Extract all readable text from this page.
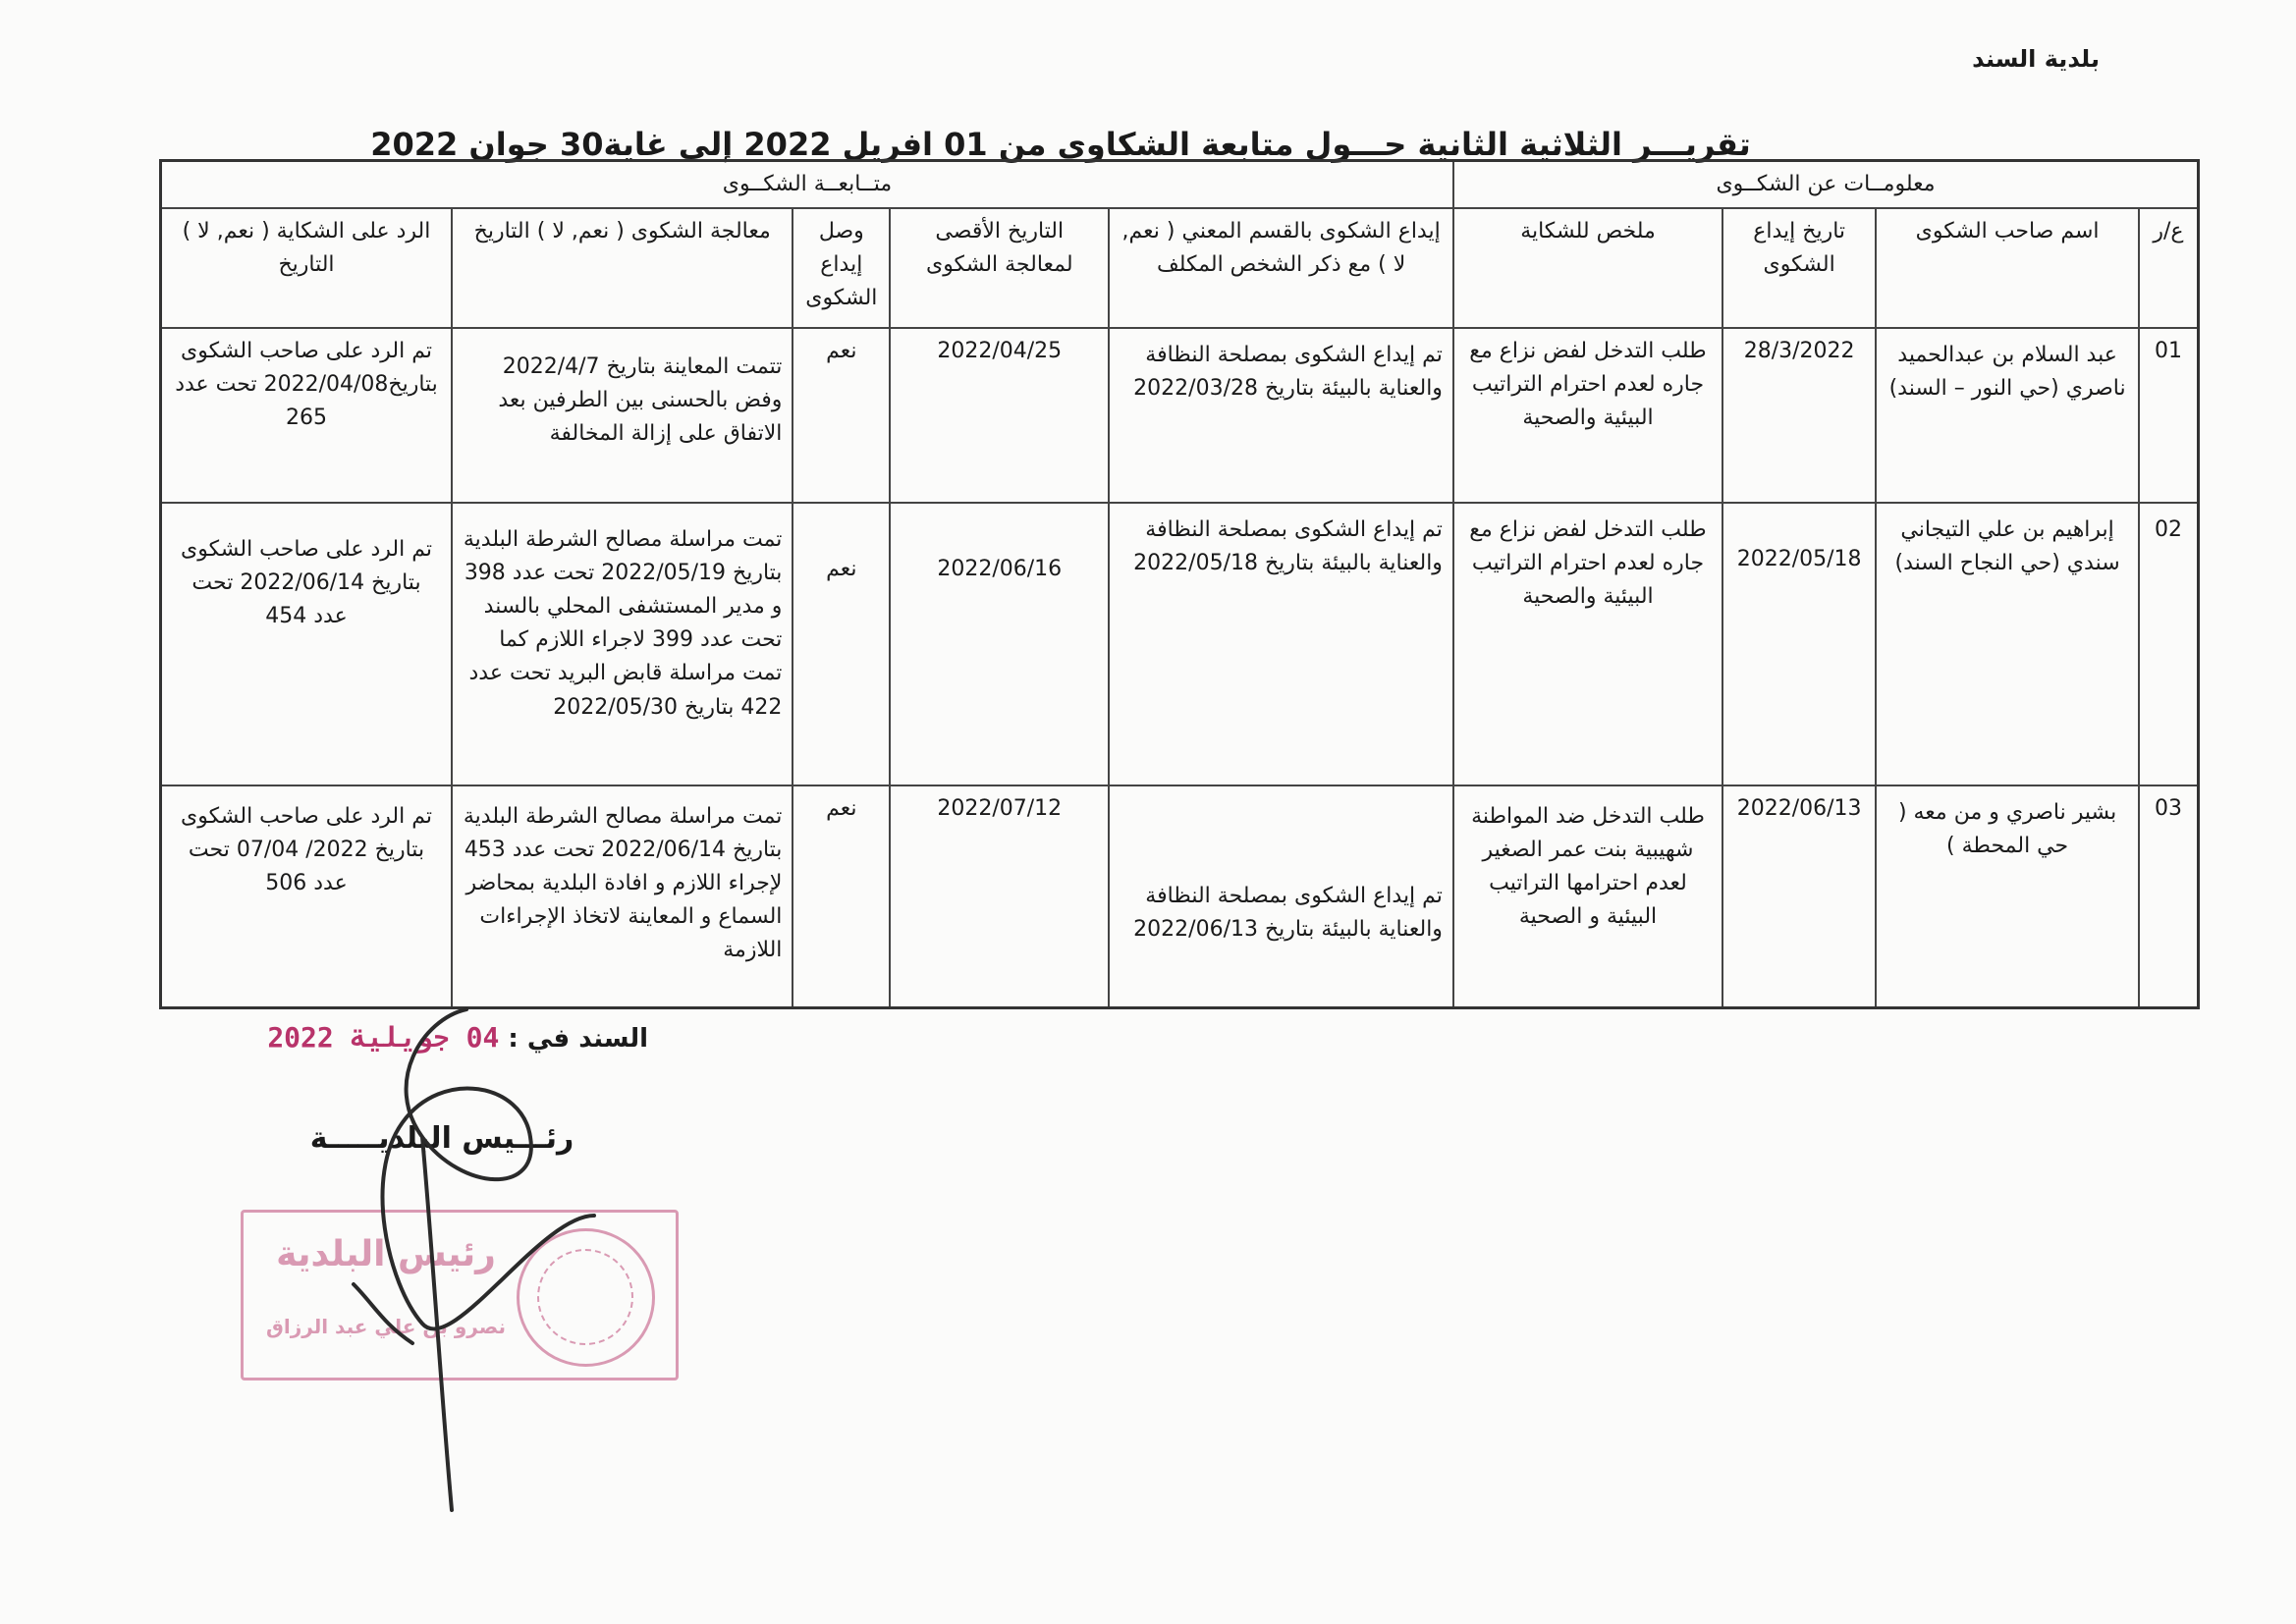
بلدية السند
تقريـــر الثلاثية الثانية حـــول متابعة الشكاوى من 01 افريل 2022 إلى غاية30 جوان 2022
معلومــات عن الشكــوى				متــابعــة الشكــوى				
ع/ر	اسم صاحب الشكوى	تاريخ إيداع الشكوى	ملخص للشكاية	إيداع الشكوى بالقسم المعني ( نعم, لا ) مع ذكر الشخص المكلف	التاريخ الأقصى لمعالجة الشكوى	وصل إيداع الشكوى	معالجة الشكوى ( نعم, لا ) التاريخ	الرد على الشكاية ( نعم, لا ) التاريخ
01	عبد السلام بن عبدالحميد ناصري (حي النور – السند)	28/3/2022	طلب التدخل لفض نزاع مع جاره لعدم احترام التراتيب البيئية والصحية	تم إيداع الشكوى بمصلحة النظافة والعناية بالبيئة بتاريخ 2022/03/28	2022/04/25	نعم	تتمت المعاينة بتاريخ 2022/4/7 وفض بالحسنى بين الطرفين بعد الاتفاق على إزالة المخالفة	تم الرد على صاحب الشكوى بتاريخ2022/04/08 تحت عدد 265
02	إبراهيم بن علي التيجاني سندي (حي النجاح السند)	2022/05/18	طلب التدخل لفض نزاع مع جاره لعدم احترام التراتيب البيئية والصحية	تم إيداع الشكوى بمصلحة النظافة والعناية بالبيئة بتاريخ 2022/05/18	2022/06/16	نعم	تمت مراسلة مصالح الشرطة البلدية بتاريخ 2022/05/19 تحت عدد 398 و مدير المستشفى المحلي بالسند تحت عدد 399 لاجراء اللازم كما تمت مراسلة قابض البريد تحت عدد 422 بتاريخ 2022/05/30	تم الرد على صاحب الشكوى بتاريخ 2022/06/14 تحت عدد 454
03	بشير ناصري و من معه ( حي المحطة )	2022/06/13	طلب التدخل ضد المواطنة شهيبية بنت عمر الصغير لعدم احترامها التراتيب البيئية و الصحية	تم إيداع الشكوى بمصلحة النظافة والعناية بالبيئة بتاريخ 2022/06/13	2022/07/12	نعم	تمت مراسلة مصالح الشرطة البلدية بتاريخ 2022/06/14 تحت عدد 453 لإجراء اللازم و افادة البلدية بمحاضر السماع و المعاينة لاتخاذ الإجراءات اللازمة	تم الرد على صاحب الشكوى بتاريخ 2022/ 07/04 تحت عدد 506
السند في : 04 جويلية 2022
رئـــيس البلديـــــة
رئيس البلدية
نصرو بن علي عبد الرزاق
